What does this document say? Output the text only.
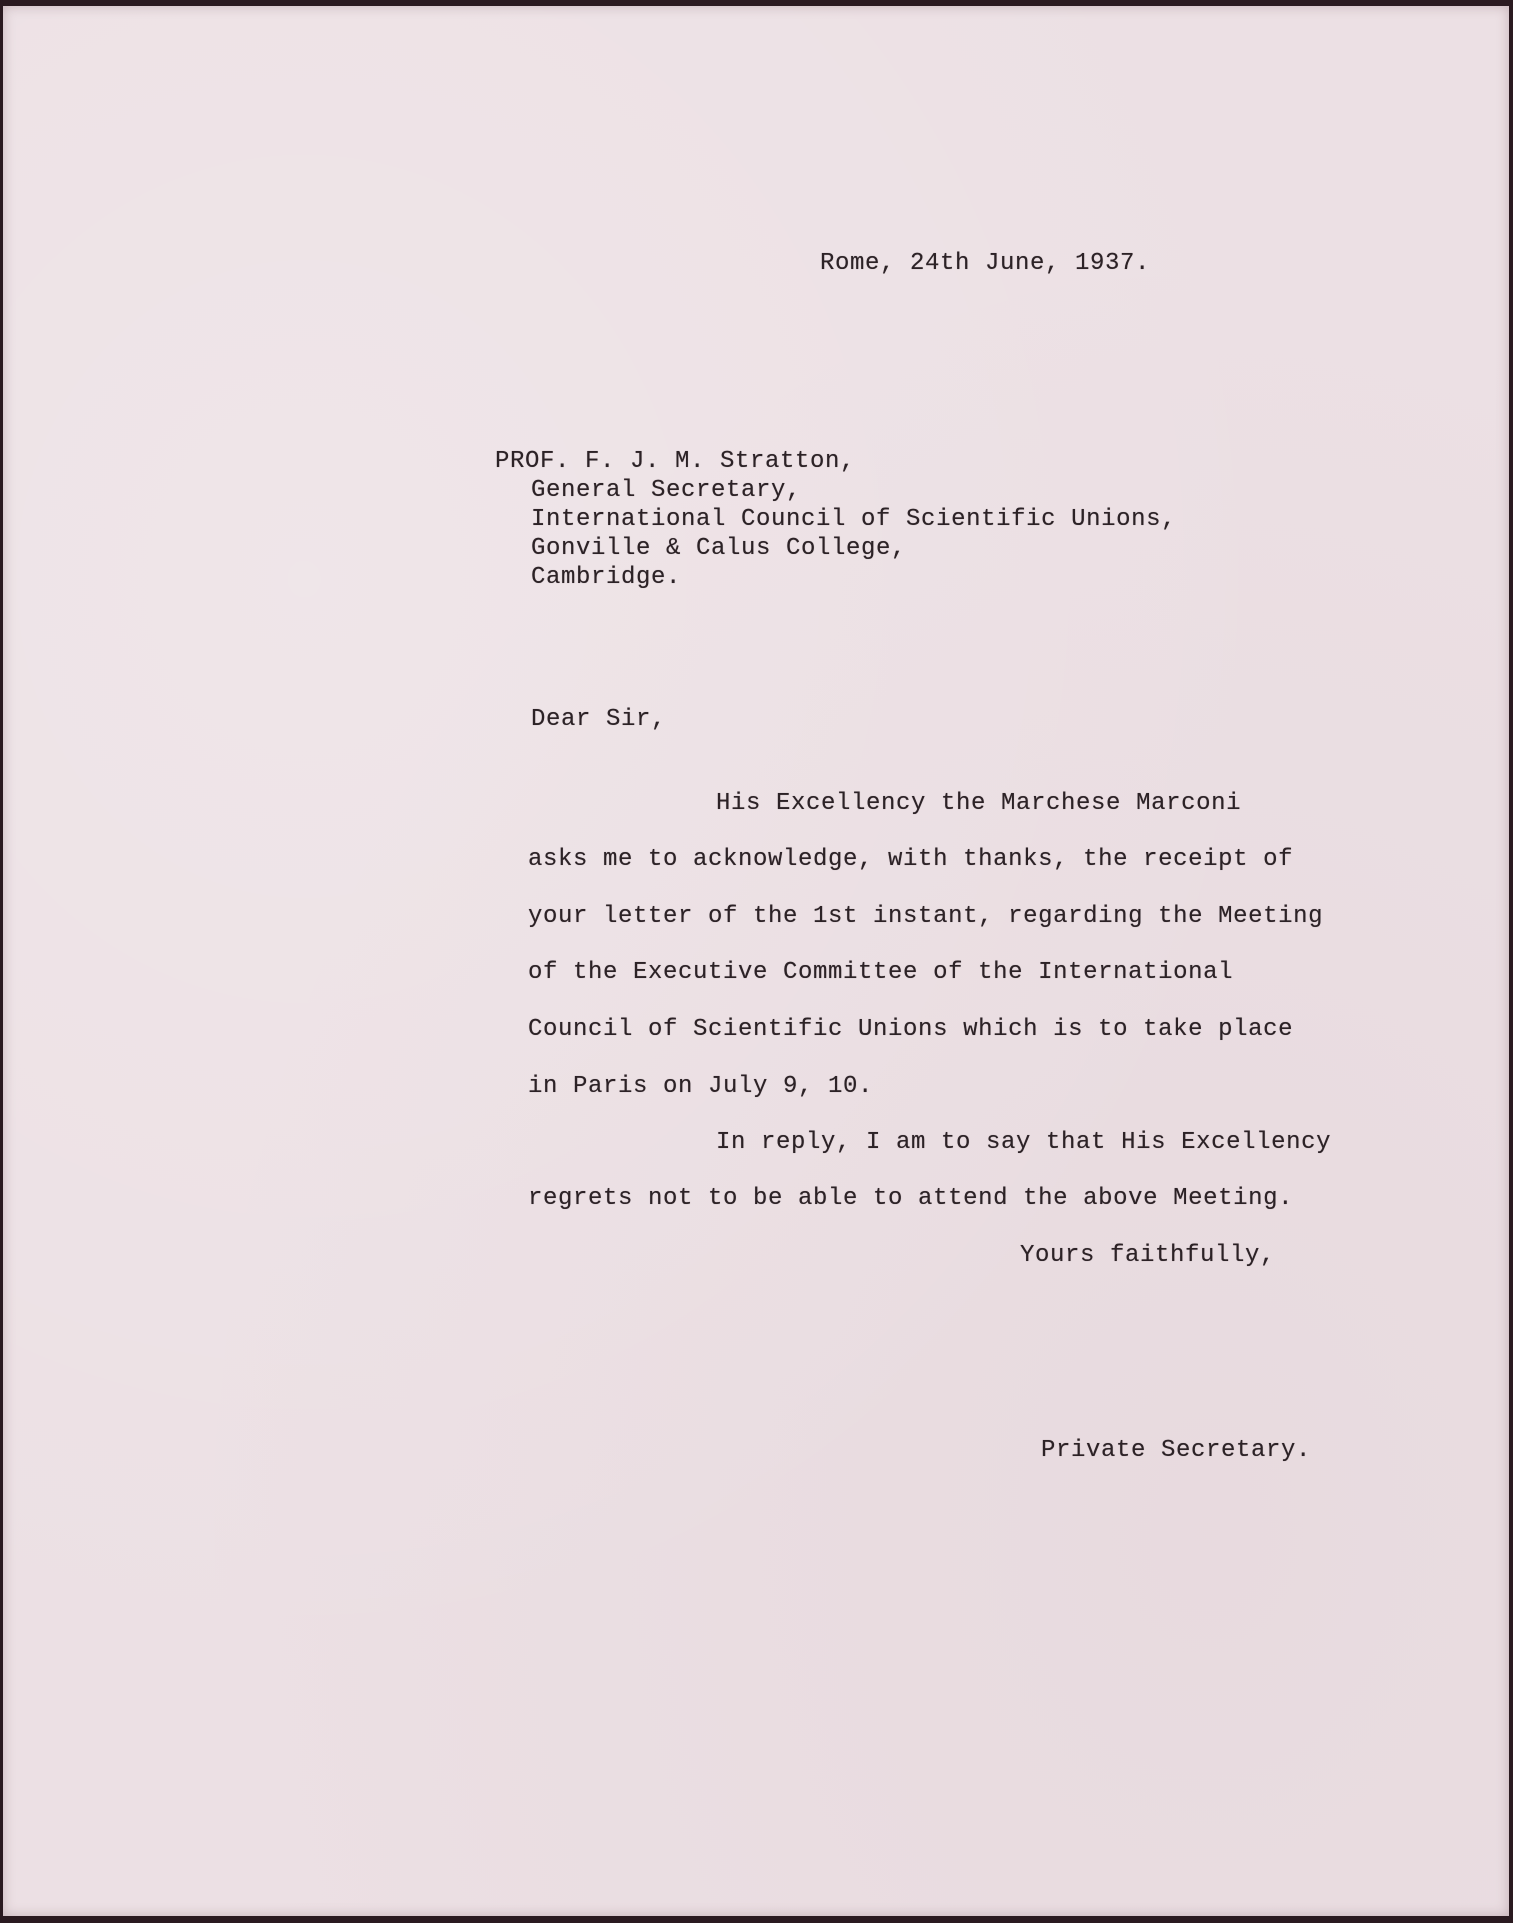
Rome, 24th June, 1937.

PROF. F. J. M. Stratton,

General Secretary,

International Council of Scientific Unions,

Gonville & Calus College,

Cambridge.

Dear Sir,

His Excellency the Marchese Marconi

asks me to acknowledge, with thanks, the receipt of

your letter of the 1st instant, regarding the Meeting

of the Executive Committee of the International

Council of Scientific Unions which is to take place

in Paris on July 9, 10.

In reply, I am to say that His Excellency

regrets not to be able to attend the above Meeting.

Yours faithfully,

Private Secretary.
